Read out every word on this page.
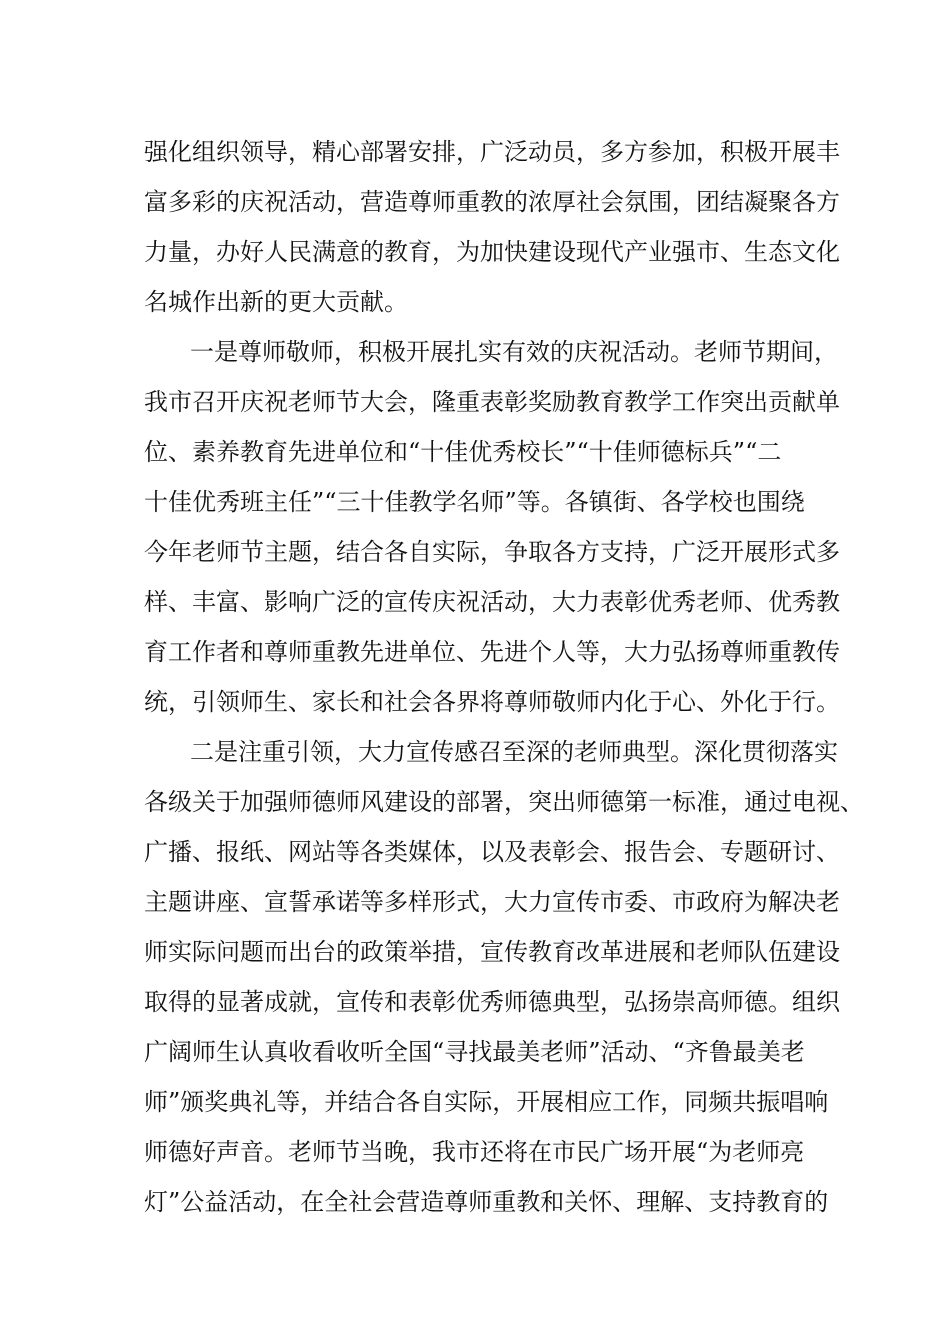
强化组织领导，精心部署安排，广泛动员，多方参加，积极开展丰
富多彩的庆祝活动，营造尊师重教的浓厚社会氛围，团结凝聚各方
力量，办好人民满意的教育，为加快建设现代产业强市、生态文化
名城作出新的更大贡献。
一是尊师敬师，积极开展扎实有效的庆祝活动。老师节期间，
我市召开庆祝老师节大会，隆重表彰奖励教育教学工作突出贡献单
位、素养教育先进单位和“十佳优秀校长”“十佳师德标兵”“二
十佳优秀班主任”“三十佳教学名师”等。各镇街、各学校也围绕
今年老师节主题，结合各自实际，争取各方支持，广泛开展形式多
样、丰富、影响广泛的宣传庆祝活动，大力表彰优秀老师、优秀教
育工作者和尊师重教先进单位、先进个人等，大力弘扬尊师重教传
统，引领师生、家长和社会各界将尊师敬师内化于心、外化于行。
二是注重引领，大力宣传感召至深的老师典型。深化贯彻落实
各级关于加强师德师风建设的部署，突出师德第一标准，通过电视、
广播、报纸、网站等各类媒体，以及表彰会、报告会、专题研讨、
主题讲座、宣誓承诺等多样形式，大力宣传市委、市政府为解决老
师实际问题而出台的政策举措，宣传教育改革进展和老师队伍建设
取得的显著成就，宣传和表彰优秀师德典型，弘扬崇高师德。组织
广阔师生认真收看收听全国“寻找最美老师”活动、“齐鲁最美老
师”颁奖典礼等，并结合各自实际，开展相应工作，同频共振唱响
师德好声音。老师节当晚，我市还将在市民广场开展“为老师亮
灯”公益活动，在全社会营造尊师重教和关怀、理解、支持教育的
